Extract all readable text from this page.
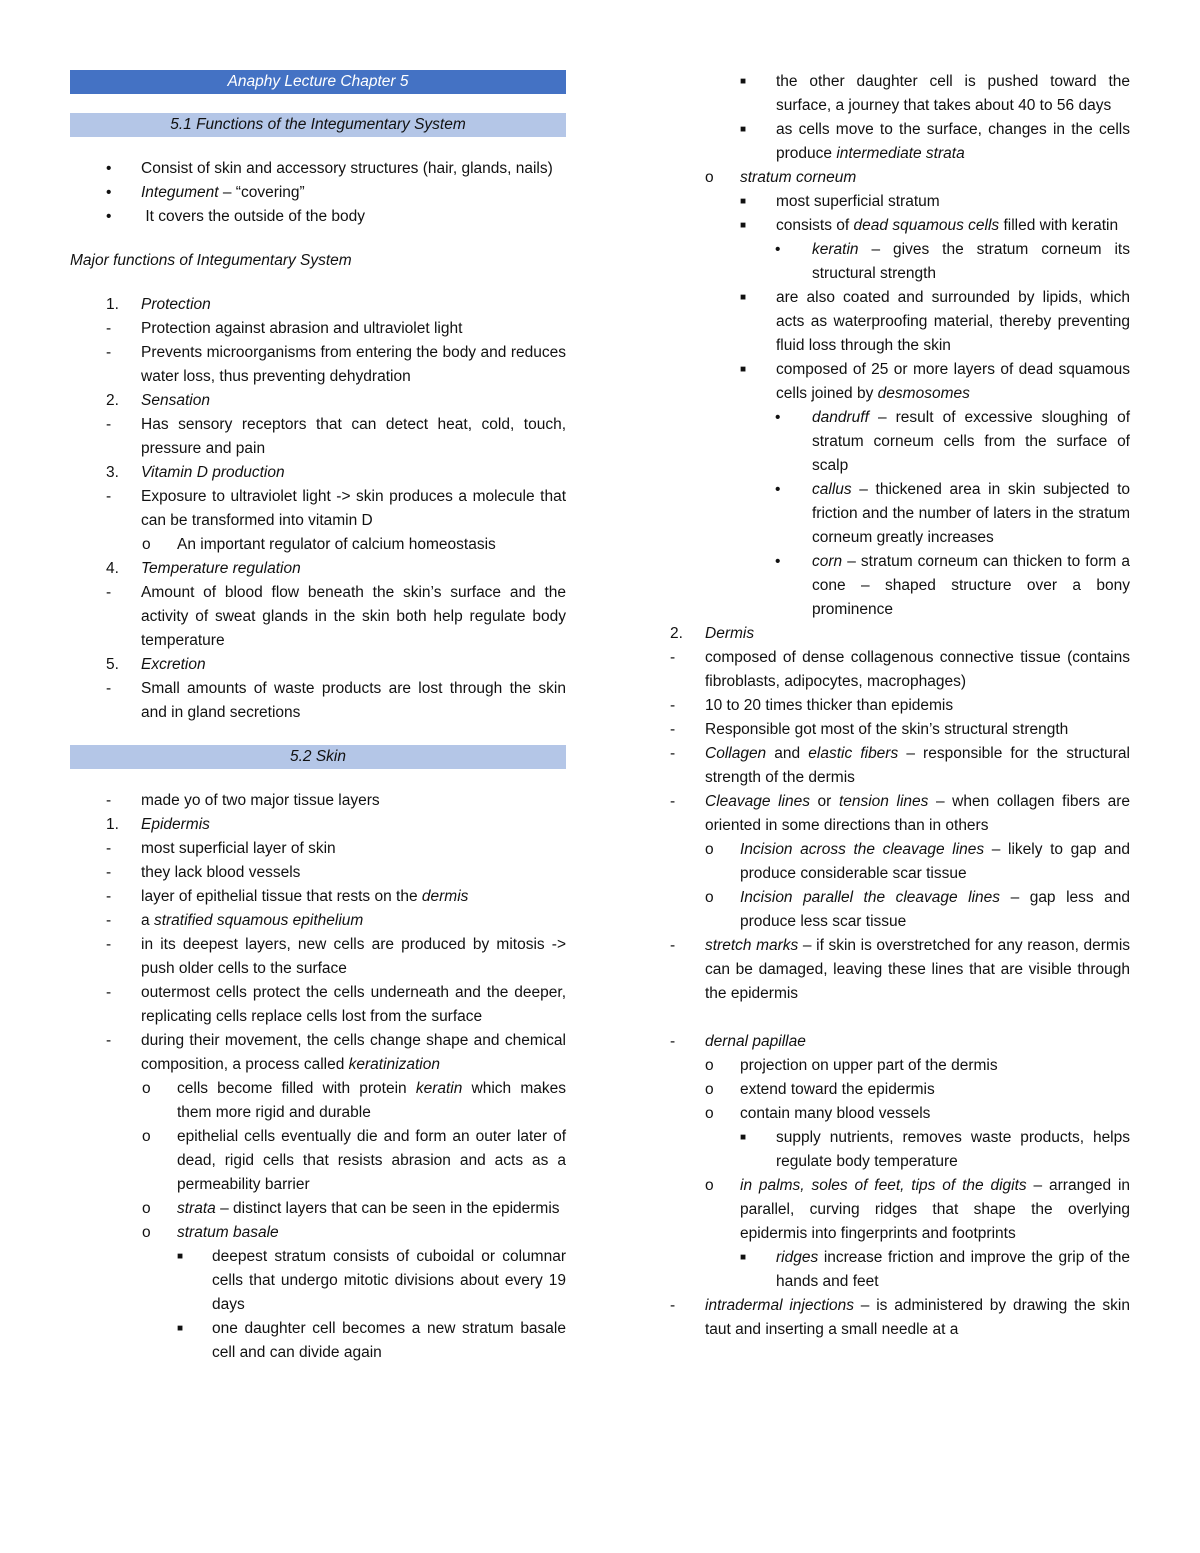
Anaphy Lecture Chapter 5
5.1 Functions of the Integumentary System
• Consist of skin and accessory structures (hair, glands, nails)
• Integument – “covering”
• It covers the outside of the body
Major functions of Integumentary System
1. Protection
- Protection against abrasion and ultraviolet light
- Prevents microorganisms from entering the body and reduces water loss, thus preventing dehydration
2. Sensation
- Has sensory receptors that can detect heat, cold, touch, pressure and pain
3. Vitamin D production
- Exposure to ultraviolet light -> skin produces a molecule that can be transformed into vitamin D
o An important regulator of calcium homeostasis
4. Temperature regulation
- Amount of blood flow beneath the skin’s surface and the activity of sweat glands in the skin both help regulate body temperature
5. Excretion
- Small amounts of waste products are lost through the skin and in gland secretions
5.2 Skin
- made yo of two major tissue layers
1. Epidermis
- most superficial layer of skin
- they lack blood vessels
- layer of epithelial tissue that rests on the dermis
- a stratified squamous epithelium
- in its deepest layers, new cells are produced by mitosis -> push older cells to the surface
- outermost cells protect the cells underneath and the deeper, replicating cells replace cells lost from the surface
- during their movement, the cells change shape and chemical composition, a process called keratinization
o cells become filled with protein keratin which makes them more rigid and durable
o epithelial cells eventually die and form an outer later of dead, rigid cells that resists abrasion and acts as a permeability barrier
o strata – distinct layers that can be seen in the epidermis
o stratum basale
■ deepest stratum consists of cuboidal or columnar cells that undergo mitotic divisions about every 19 days
■ one daughter cell becomes a new stratum basale cell and can divide again
■ the other daughter cell is pushed toward the surface, a journey that takes about 40 to 56 days
■ as cells move to the surface, changes in the cells produce intermediate strata
o stratum corneum
■ most superficial stratum
■ consists of dead squamous cells filled with keratin
• keratin – gives the stratum corneum its structural strength
■ are also coated and surrounded by lipids, which acts as waterproofing material, thereby preventing fluid loss through the skin
■ composed of 25 or more layers of dead squamous cells joined by desmosomes
• dandruff – result of excessive sloughing of stratum corneum cells from the surface of scalp
• callus – thickened area in skin subjected to friction and the number of laters in the stratum corneum greatly increases
• corn – stratum corneum can thicken to form a cone – shaped structure over a bony prominence
2. Dermis
- composed of dense collagenous connective tissue (contains fibroblasts, adipocytes, macrophages)
- 10 to 20 times thicker than epidemis
- Responsible got most of the skin’s structural strength
- Collagen and elastic fibers – responsible for the structural strength of the dermis
- Cleavage lines or tension lines – when collagen fibers are oriented in some directions than in others
o Incision across the cleavage lines – likely to gap and produce considerable scar tissue
o Incision parallel the cleavage lines – gap less and produce less scar tissue
- stretch marks – if skin is overstretched for any reason, dermis can be damaged, leaving these lines that are visible through the epidermis
- dernal papillae
o projection on upper part of the dermis
o extend toward the epidermis
o contain many blood vessels
■ supply nutrients, removes waste products, helps regulate body temperature
o in palms, soles of feet, tips of the digits – arranged in parallel, curving ridges that shape the overlying epidermis into fingerprints and footprints
■ ridges increase friction and improve the grip of the hands and feet
- intradermal injections – is administered by drawing the skin taut and inserting a small needle at a
